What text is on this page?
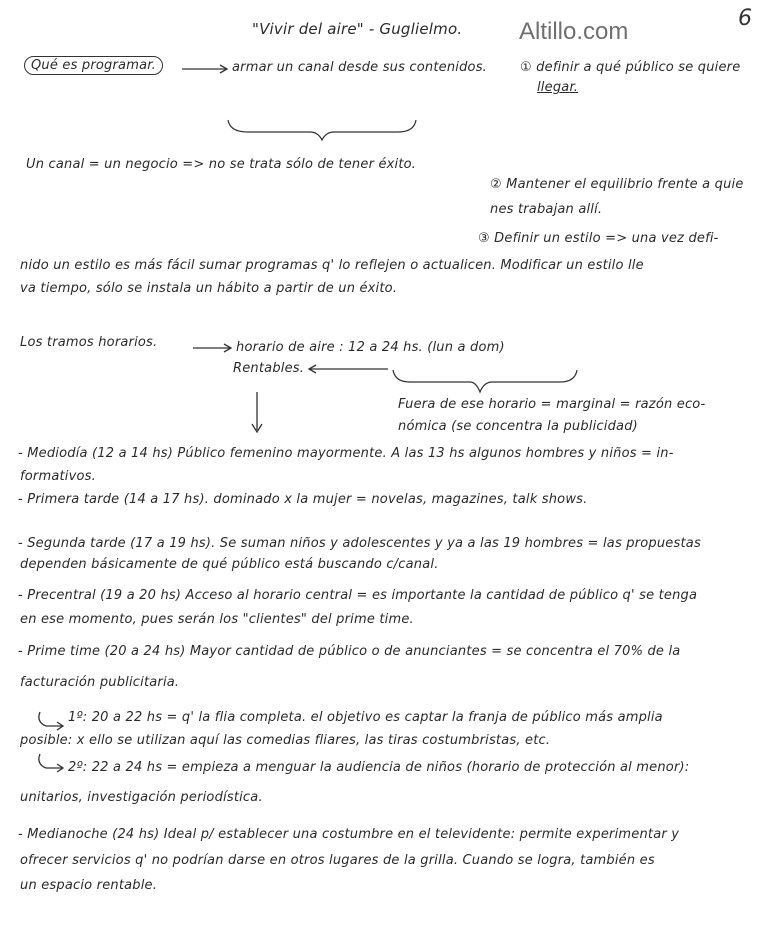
Altillo.com	6
"Vivir del aire" - Guglielmo.
Qué es programar.	armar un canal desde sus contenidos.	① definir a qué público se quiere
llegar.
Un canal = un negocio => no se trata sólo de tener éxito.
② Mantener el equilibrio frente a quie
nes trabajan allí.
③ Definir un estilo => una vez defi-
nido un estilo es más fácil sumar programas q' lo reflejen o actualicen. Modificar un estilo lle
va tiempo, sólo se instala un hábito a partir de un éxito.
Los tramos horarios.	horario de aire : 12 a 24 hs. (lun a dom)
Rentables.
Fuera de ese horario = marginal = razón eco-
nómica (se concentra la publicidad)
- Mediodía (12 a 14 hs) Público femenino mayormente. A las 13 hs algunos hombres y niños = in-
formativos.
- Primera tarde (14 a 17 hs). dominado x la mujer = novelas, magazines, talk shows.
- Segunda tarde (17 a 19 hs). Se suman niños y adolescentes y ya a las 19 hombres = las propuestas
dependen básicamente de qué público está buscando c/canal.
- Precentral (19 a 20 hs) Acceso al horario central = es importante la cantidad de público q' se tenga
en ese momento, pues serán los "clientes" del prime time.
- Prime time (20 a 24 hs) Mayor cantidad de público o de anunciantes = se concentra el 70% de la
facturación publicitaria.
1º: 20 a 22 hs = q' la flia completa. el objetivo es captar la franja de público más amplia
posible: x ello se utilizan aquí las comedias fliares, las tiras costumbristas, etc.
2º: 22 a 24 hs = empieza a menguar la audiencia de niños (horario de protección al menor):
unitarios, investigación periodística.
- Medianoche (24 hs) Ideal p/ establecer una costumbre en el televidente: permite experimentar y
ofrecer servicios q' no podrían darse en otros lugares de la grilla. Cuando se logra, también es
un espacio rentable.
